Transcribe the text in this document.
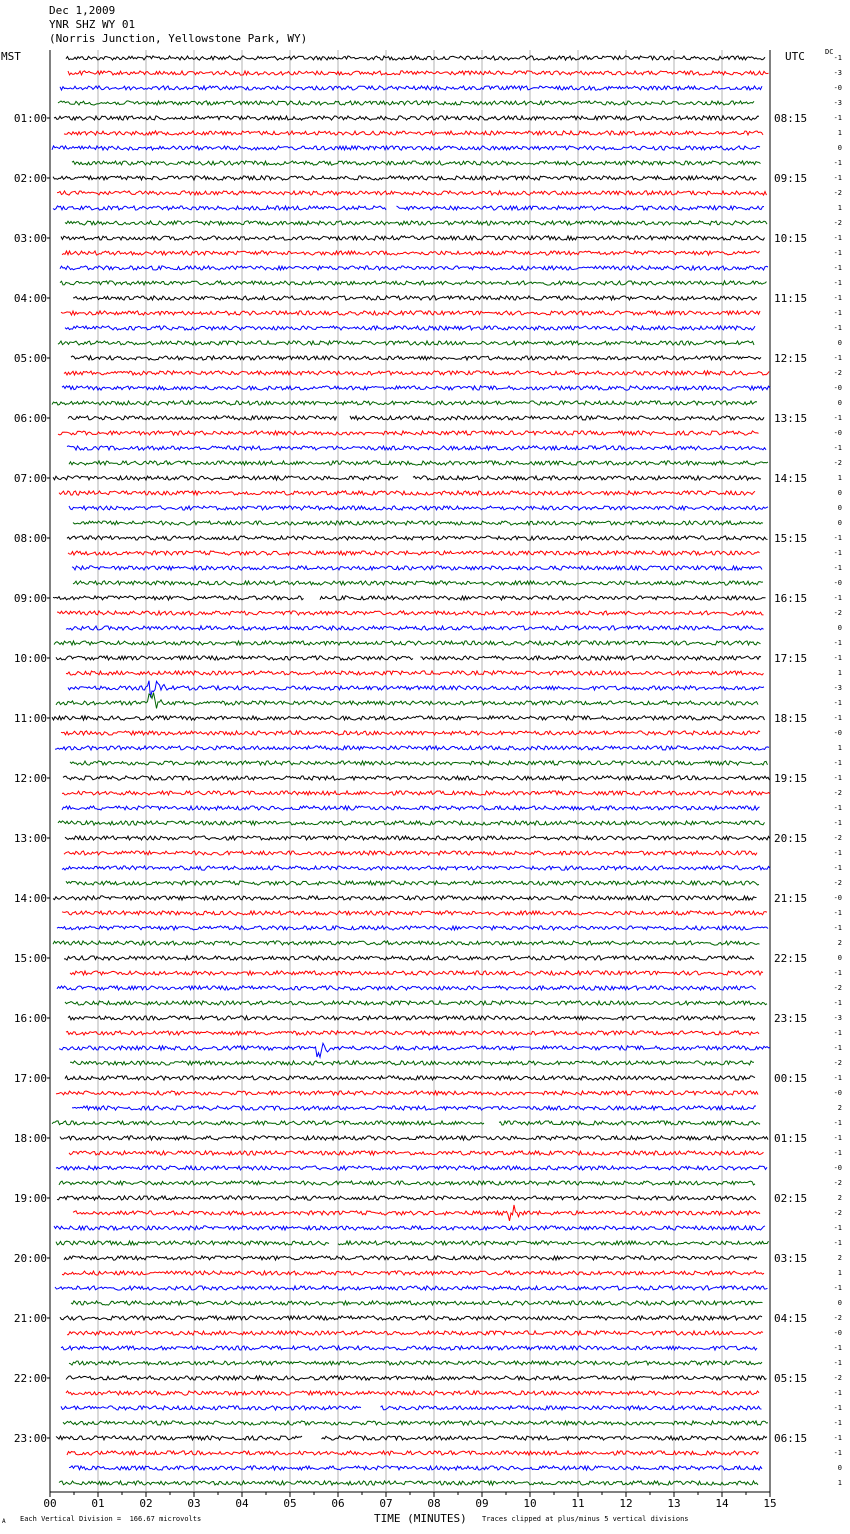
Dec 1,2009
YNR SHZ WY 01
(Norris Junction, Yellowstone Park, WY)
MST	UTC	DC
00	01	02	03	04	05	06	07	08	09	10	11	12	13	14	15
01:00	08:15
02:00	09:15
03:00	10:15
04:00	11:15
05:00	12:15
06:00	13:15
07:00	14:15
08:00	15:15
09:00	16:15
10:00	17:15
11:00	18:15
12:00	19:15
13:00	20:15
14:00	21:15
15:00	22:15
16:00	23:15
17:00	00:15
18:00	01:15
19:00	02:15
20:00	03:15
21:00	04:15
22:00	05:15
23:00	06:15
-1
-3
-0
-3
-1
1
0
-1
-1
-2
1
-2
-1
-1
-1
-1
-1
-1
-1
0
-1
-2
-0
0
-1
-0
-1
-2
1
0
0
0
-1
-1
-1
-0
-1
-2
0
-1
-1
1
-3
-1
-1
-0
1
-1
-1
-2
-1
-1
-2
-1
-1
-2
-0
-1
-1
2
0
-1
-2
-1
-3
-1
-1
-2
-1
-0
2
-1
-1
-1
-0
-2
2
-2
-1
-1
2
1
-1
0
-2
-0
-1
-1
-2
-1
-1
-1
-1
-1
0
1
TIME (MINUTES)
A Each Vertical Division =  166.67 microvolts	Traces clipped at plus/minus 5 vertical divisions
